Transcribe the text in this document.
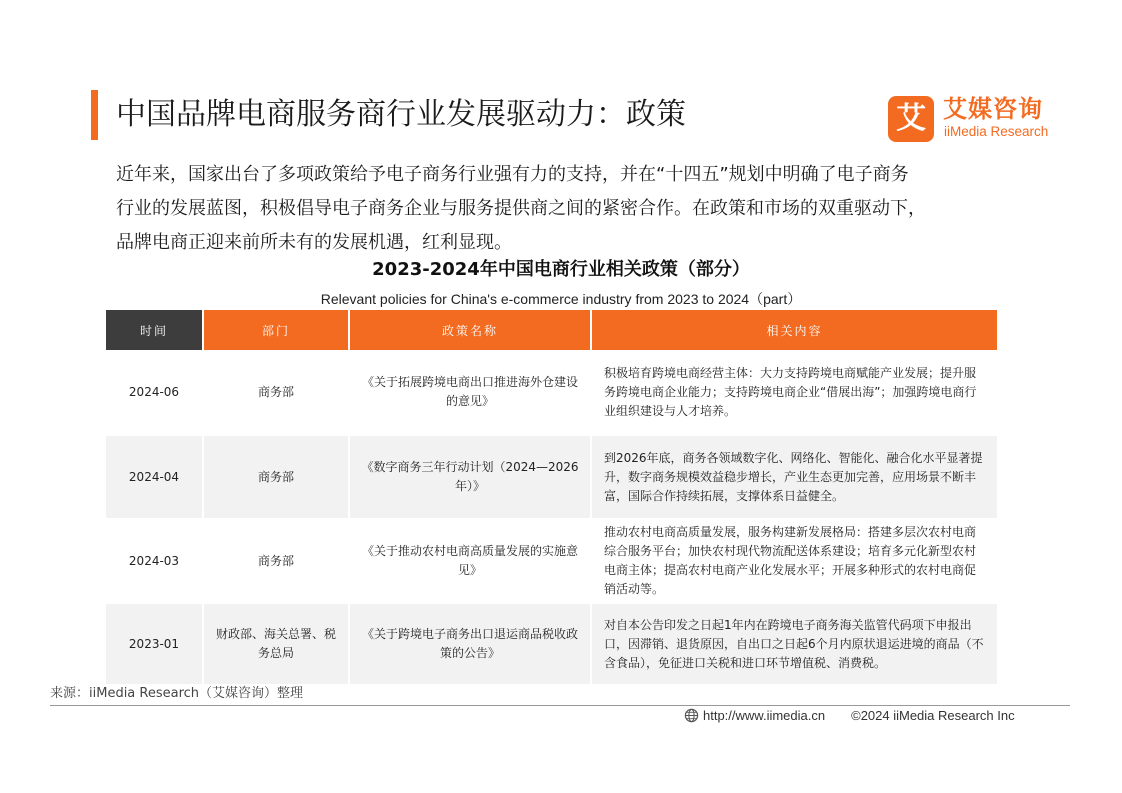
中国品牌电商服务商行业发展驱动力：政策	艾 艾媒咨询
iiMedia Research
近年来，国家出台了多项政策给予电子商务行业强有力的支持，并在“十四五”规划中明确了电子商务
行业的发展蓝图，积极倡导电子商务企业与服务提供商之间的紧密合作。在政策和市场的双重驱动下，
品牌电商正迎来前所未有的发展机遇，红利显现。
2023-2024年中国电商行业相关政策（部分）
Relevant policies for China's e-commerce industry from 2023 to 2024（part）
时间	部门	政策名称	相关内容
2024-06	商务部	《关于拓展跨境电商出口推进海外仓建设的意见》	积极培育跨境电商经营主体：大力支持跨境电商赋能产业发展；提升服务跨境电商企业能力；支持跨境电商企业“借展出海”；加强跨境电商行业组织建设与人才培养。
2024-04	商务部	《数字商务三年行动计划（2024—2026年）》	到2026年底，商务各领域数字化、网络化、智能化、融合化水平显著提升，数字商务规模效益稳步增长，产业生态更加完善，应用场景不断丰富，国际合作持续拓展，支撑体系日益健全。
2024-03	商务部	《关于推动农村电商高质量发展的实施意见》	推动农村电商高质量发展，服务构建新发展格局：搭建多层次农村电商综合服务平台；加快农村现代物流配送体系建设；培育多元化新型农村电商主体；提高农村电商产业化发展水平；开展多种形式的农村电商促销活动等。
2023-01	财政部、海关总署、税务总局	《关于跨境电子商务出口退运商品税收政策的公告》	对自本公告印发之日起1年内在跨境电子商务海关监管代码项下申报出口，因滞销、退货原因，自出口之日起6个月内原状退运进境的商品（不含食品），免征进口关税和进口环节增值税、消费税。
来源：iiMedia Research（艾媒咨询）整理
http://www.iimedia.cn ©2024 iiMedia Research Inc
